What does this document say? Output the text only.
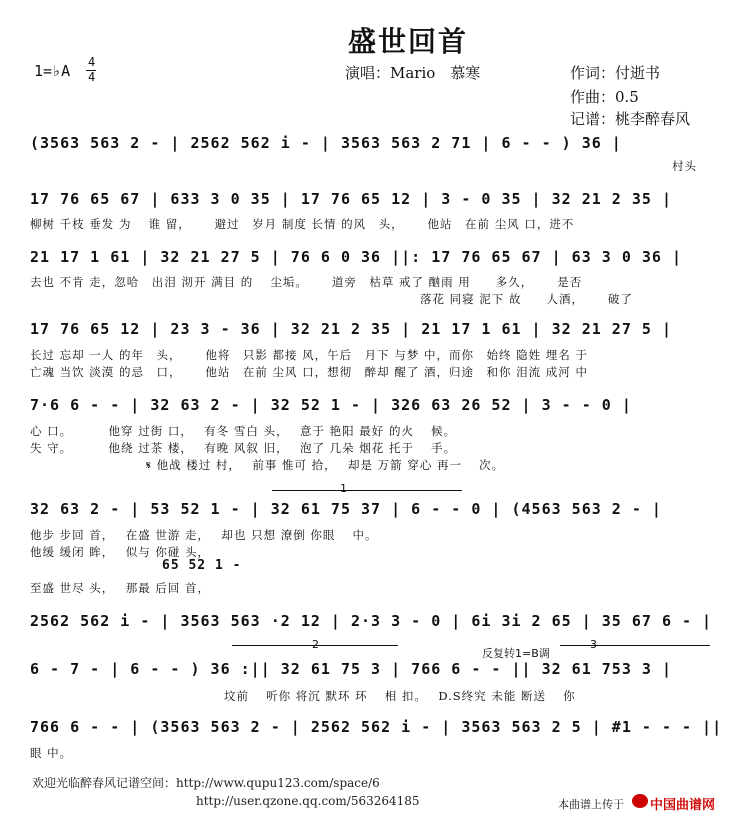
盛世回首
1=♭A 4
4	演唱：Mario　慕寒	作词：付逝书
作曲：0.5
记谱：桃李醉春风
(3563 563 2 - | 2562 562 i - | 3563 563 2 71 | 6 - - ) 36 |
村头
17 76 65 67 | 633 3 0 35 | 17 76 65 12 | 3 - 0 35 | 32 21 2 35 |
柳树 千枝 垂发 为　 谁 留，　　 避过　岁月 制度 长情 的风　头，　　 他站　在前 尘风 口，进不
21 17 1 61 | 32 21 27 5 | 76 6 0 36 ||: 17 76 65 67 | 63 3 0 36 |
去也 不肯 走，忽哈　出泪 沏开 满目 的　 尘垢。　　 道旁　枯草 戒了 酗雨 用　　多久，　　 是否
落花 同寝 泥下 故　　人酒，　　 破了
17 76 65 12 | 23 3 - 36 | 32 21 2 35 | 21 17 1 61 | 32 21 27 5 |
长过 忘却 一人 的年　头，　　 他将　只影 都接 风，午后　月下 与梦 中，而你　始终 隐姓 埋名 于
亡魂 当饮 淡漠 的忌　口，　　 他站　在前 尘风 口，想彻　醉却 醒了 酒，归途　和你 泪流 成河 中
7·6 6 - - | 32 63 2 - | 32 52 1 - | 326 63 26 52 | 3 - - 0 |
心 口。　　　 他穿 过街 口，　 有冬 雪白 头，　 意于 艳阳 最好 的火　 候。
失 守。　　　 他绕 过茶 楼，　 有晚 风叙 旧，　 泡了 几朵 烟花 托于　 手。
𝄋 他战 楼过 村，　 前事 惟可 拾，　 却是 万箭 穿心 再一　 次。
1
32 63 2 - | 53 52 1 - | 32 61 75 37 | 6 - - 0 | (4563 563 2 - |
他步 步回 首，　 在盛 世游 走，　 却也 只想 潦倒 你眼　 中。
他缓 缓闭 眸，　 似与 你碰 头，
65 52 1 -
至盛 世尽 头，　 那最 后回 首，
2562 562 i - | 3563 563 ·2 12 | 2·3 3 - 0 | 6i 3i 2 65 | 35 67 6 - |
2
反复转1=B调
3
6 - 7 - | 6 - - ) 36 :|| 32 61 75 3 | 766 6 - - || 32 61 753 3 |
坟前　 听你 将沉 默环 环　 相 扣。　 D.S终究 未能 断送　 你
766 6 - - | (3563 563 2 - | 2562 562 i - | 3563 563 2 5 | #1 - - - ||
眼 中。
欢迎光临醉春风记谱空间：http://www.qupu123.com/space/6
http://user.qzone.qq.com/563264185	本曲谱上传于 中国曲谱网
